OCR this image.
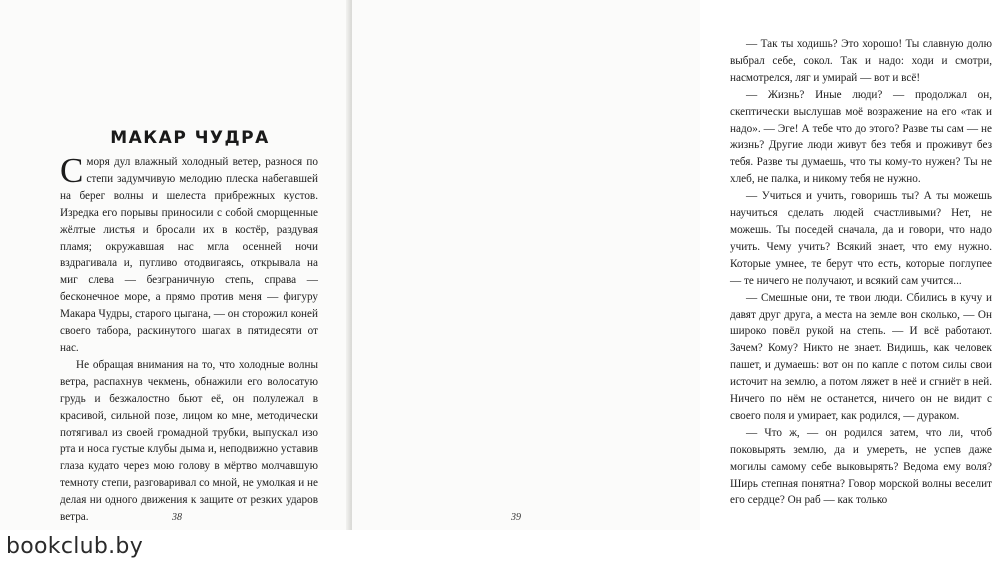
МАКАР ЧУДРА

Сморя дул влажный холодный ветер, разнося по степи задумчивую мелодию плеска набегавшей на берег волны и шелеста прибрежных кустов. Изредка его порывы приносили с собой сморщенные жёлтые листья и бросали их в костёр, раздувая пламя; окружавшая нас мгла осенней ночи вздрагивала и, пугливо отодвигаясь, открывала на миг слева — безграничную степь, справа — бесконечное море, а прямо против меня — фигуру Макара Чудры, старого цыгана, — он сторожил коней своего табора, раскинутого шагах в пятидесяти от нас.

Не обращая внимания на то, что холодные волны ветра, распахнув чекмень, обнажили его волосатую грудь и безжалостно бьют её, он полулежал в красивой, сильной позе, лицом ко мне, методически потягивал из своей громадной трубки, выпускал изо рта и носа густые клубы дыма и, неподвижно уставив глаза кудато через мою голову в мёртво молчавшую темноту степи, разговаривал со мной, не умолкая и не делая ни одного движения к защите от резких ударов ветра.	38

— Так ты ходишь? Это хорошо! Ты славную долю выбрал себе, сокол. Так и надо: ходи и смотри, насмотрелся, ляг и умирай — вот и всё!

— Жизнь? Иные люди? — продолжал он, скептически выслушав моё возражение на его «так и надо». — Эге! А тебе что до этого? Разве ты сам — не жизнь? Другие люди живут без тебя и проживут без тебя. Разве ты думаешь, что ты кому-то нужен? Ты не хлеб, не палка, и никому тебя не нужно.

— Учиться и учить, говоришь ты? А ты можешь научиться сделать людей счастливыми? Нет, не можешь. Ты поседей сначала, да и говори, что надо учить. Чему учить? Всякий знает, что ему нужно. Которые умнее, те берут что есть, которые поглупее — те ничего не получают, и всякий сам учится...

— Смешные они, те твои люди. Сбились в кучу и давят друг друга, а места на земле вон сколько, — Он широко повёл рукой на степь. — И всё работают. Зачем? Кому? Никто не знает. Видишь, как человек пашет, и думаешь: вот он по капле с потом силы свои источит на землю, а потом ляжет в неё и сгниёт в ней. Ничего по нём не останется, ничего он не видит с своего поля и умирает, как родился, — дураком.

— Что ж, — он родился затем, что ли, чтоб поковырять землю, да и умереть, не успев даже могилы самому себе выковырять? Ведома ему воля? Ширь степная понятна? Говор морской волны веселит его сердце? Он раб — как только

39
bookclub.by
